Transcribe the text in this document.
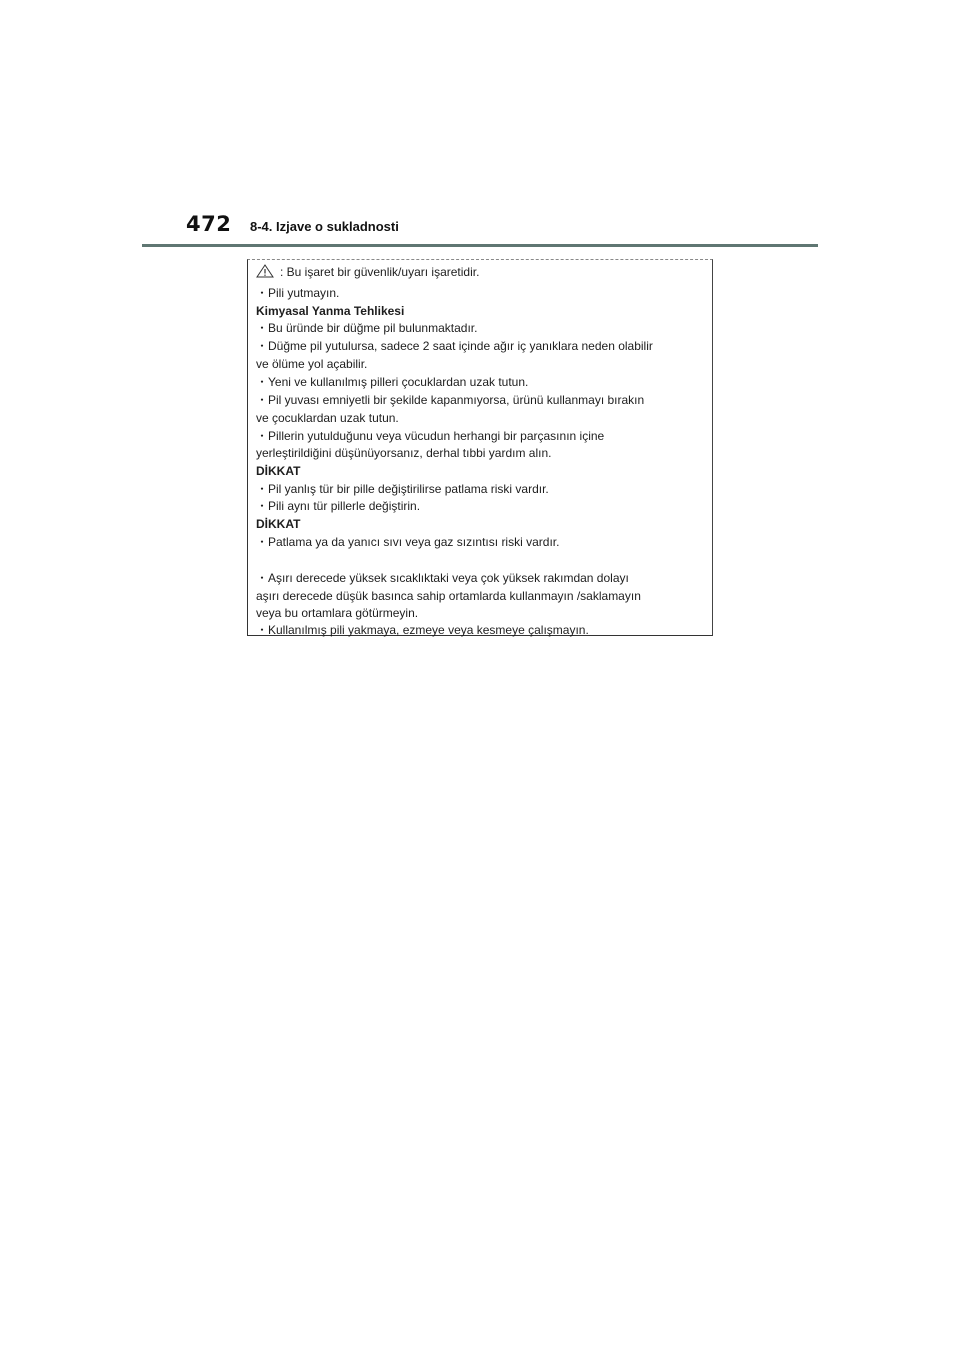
472 8-4. Izjave o sukladnosti
: Bu işaret bir güvenlik/uyarı işaretidir.
・Pili yutmayın.
Kimyasal Yanma Tehlikesi
・Bu üründe bir düğme pil bulunmaktadır.
・Düğme pil yutulursa, sadece 2 saat içinde ağır iç yanıklara neden olabilir
ve ölüme yol açabilir.
・Yeni ve kullanılmış pilleri çocuklardan uzak tutun.
・Pil yuvası emniyetli bir şekilde kapanmıyorsa, ürünü kullanmayı bırakın
ve çocuklardan uzak tutun.
・Pillerin yutulduğunu veya vücudun herhangi bir parçasının içine
yerleştirildiğini düşünüyorsanız, derhal tıbbi yardım alın.
DİKKAT
・Pil yanlış tür bir pille değiştirilirse patlama riski vardır.
・Pili aynı tür pillerle değiştirin.
DİKKAT
・Patlama ya da yanıcı sıvı veya gaz sızıntısı riski vardır.
・Aşırı derecede yüksek sıcaklıktaki veya çok yüksek rakımdan dolayı
aşırı derecede düşük basınca sahip ortamlarda kullanmayın /saklamayın
veya bu ortamlara götürmeyin.
・Kullanılmış pili yakmaya, ezmeye veya kesmeye çalışmayın.
